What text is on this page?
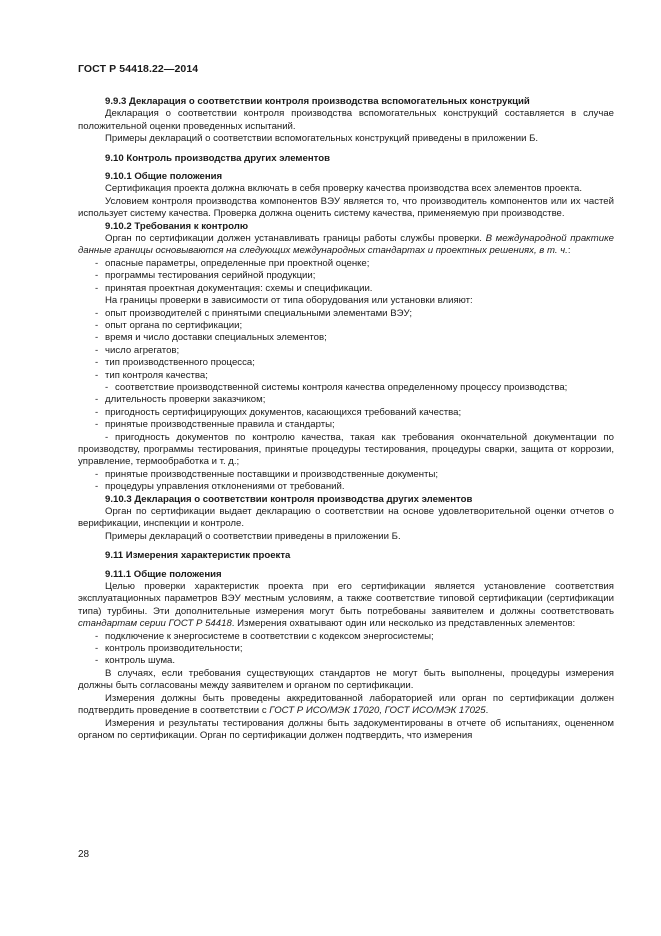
ГОСТ Р 54418.22—2014

9.9.3 Декларация о соответствии контроля производства вспомогательных конструкций

Декларация о соответствии контроля производства вспомогательных конструкций составляется в случае положительной оценки проведенных испытаний.

Примеры деклараций о соответствии вспомогательных конструкций приведены в приложении Б.

9.10 Контроль производства других элементов

9.10.1 Общие положения

Сертификация проекта должна включать в себя проверку качества производства всех элементов проекта.

Условием контроля производства компонентов ВЭУ является то, что производитель компонентов или их частей использует систему качества. Проверка должна оценить систему качества, применяемую при производстве.

9.10.2 Требования к контролю

Орган по сертификации должен устанавливать границы работы службы проверки. В международной практике данные границы основываются на следующих международных стандартах и проектных решениях, в т. ч.:

- опасные параметры, определенные при проектной оценке;

- программы тестирования серийной продукции;

- принятая проектная документация: схемы и спецификации.

На границы проверки в зависимости от типа оборудования или установки влияют:

- опыт производителей с принятыми специальными элементами ВЭУ;

- опыт органа по сертификации;

- время и число доставки специальных элементов;

- число агрегатов;

- тип производственного процесса;

- тип контроля качества;

- соответствие производственной системы контроля качества определенному процессу производства;

- длительность проверки заказчиком;

- пригодность сертифицирующих документов, касающихся требований качества;

- принятые производственные правила и стандарты;

- пригодность документов по контролю качества, такая как требования окончательной документации по производству, программы тестирования, принятые процедуры тестирования, процедуры сварки, защита от коррозии, управление, термообработка и т. д.;

- принятые производственные поставщики и производственные документы;

- процедуры управления отклонениями от требований.

9.10.3 Декларация о соответствии контроля производства других элементов

Орган по сертификации выдает декларацию о соответствии на основе удовлетворительной оценки отчетов о верификации, инспекции и контроле.

Примеры деклараций о соответствии приведены в приложении Б.

9.11 Измерения характеристик проекта

9.11.1 Общие положения

Целью проверки характеристик проекта при его сертификации является установление соответствия эксплуатационных параметров ВЭУ местным условиям, а также соответствие типовой сертификации (сертификации типа) турбины. Эти дополнительные измерения могут быть потребованы заявителем и должны соответствовать стандартам серии ГОСТ Р 54418. Измерения охватывают один или несколько из представленных элементов:

- подключение к энергосистеме в соответствии с кодексом энергосистемы;

- контроль производительности;

- контроль шума.

В случаях, если требования существующих стандартов не могут быть выполнены, процедуры измерения должны быть согласованы между заявителем и органом по сертификации.

Измерения должны быть проведены аккредитованной лабораторией или орган по сертификации должен подтвердить проведение в соответствии с ГОСТ Р ИСО/МЭК 17020, ГОСТ ИСО/МЭК 17025.

Измерения и результаты тестирования должны быть задокументированы в отчете об испытаниях, оцененном органом по сертификации. Орган по сертификации должен подтвердить, что измерения

28
